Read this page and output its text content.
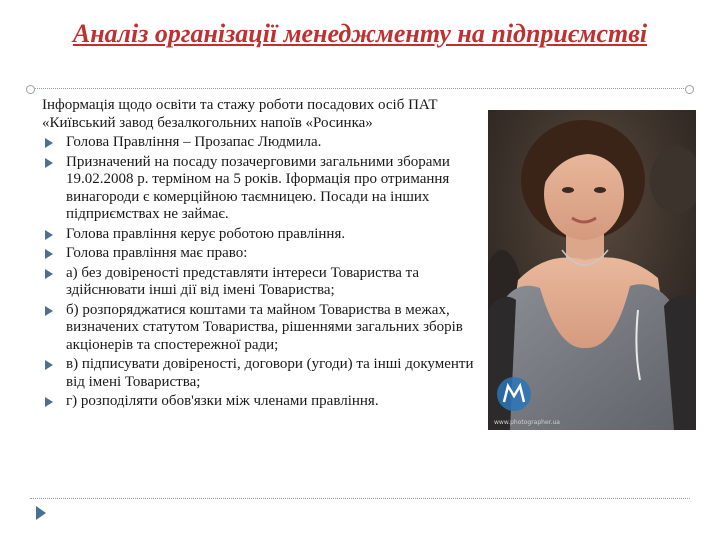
Аналіз організації менеджменту на підприємстві

Інформація щодо освіти та стажу роботи посадових осіб ПАТ «Київський завод безалкогольних напоїв «Росинка»

Голова Правління – Прозапас Людмила.
Призначений на посаду позачерговими загальними зборами 19.02.2008 р. терміном на 5 років. Іформація про отримання винагороди є комерційною таємницею. Посади на інших підприємствах не займає.
Голова правління керує роботою правління.
Голова правління має право:
а) без довіреності представляти інтереси Товариства та здійснювати інші дії від імені Товариства;
б) розпоряджатися коштами та майном Товариства в межах, визначених статутом Товариства, рішеннями загальних зборів акціонерів та спостережної ради;
в) підписувати довіреності, договори (угоди) та інші документи від імені Товариства;
г) розподіляти обов'язки між членами правління.
www.photographer.ua
